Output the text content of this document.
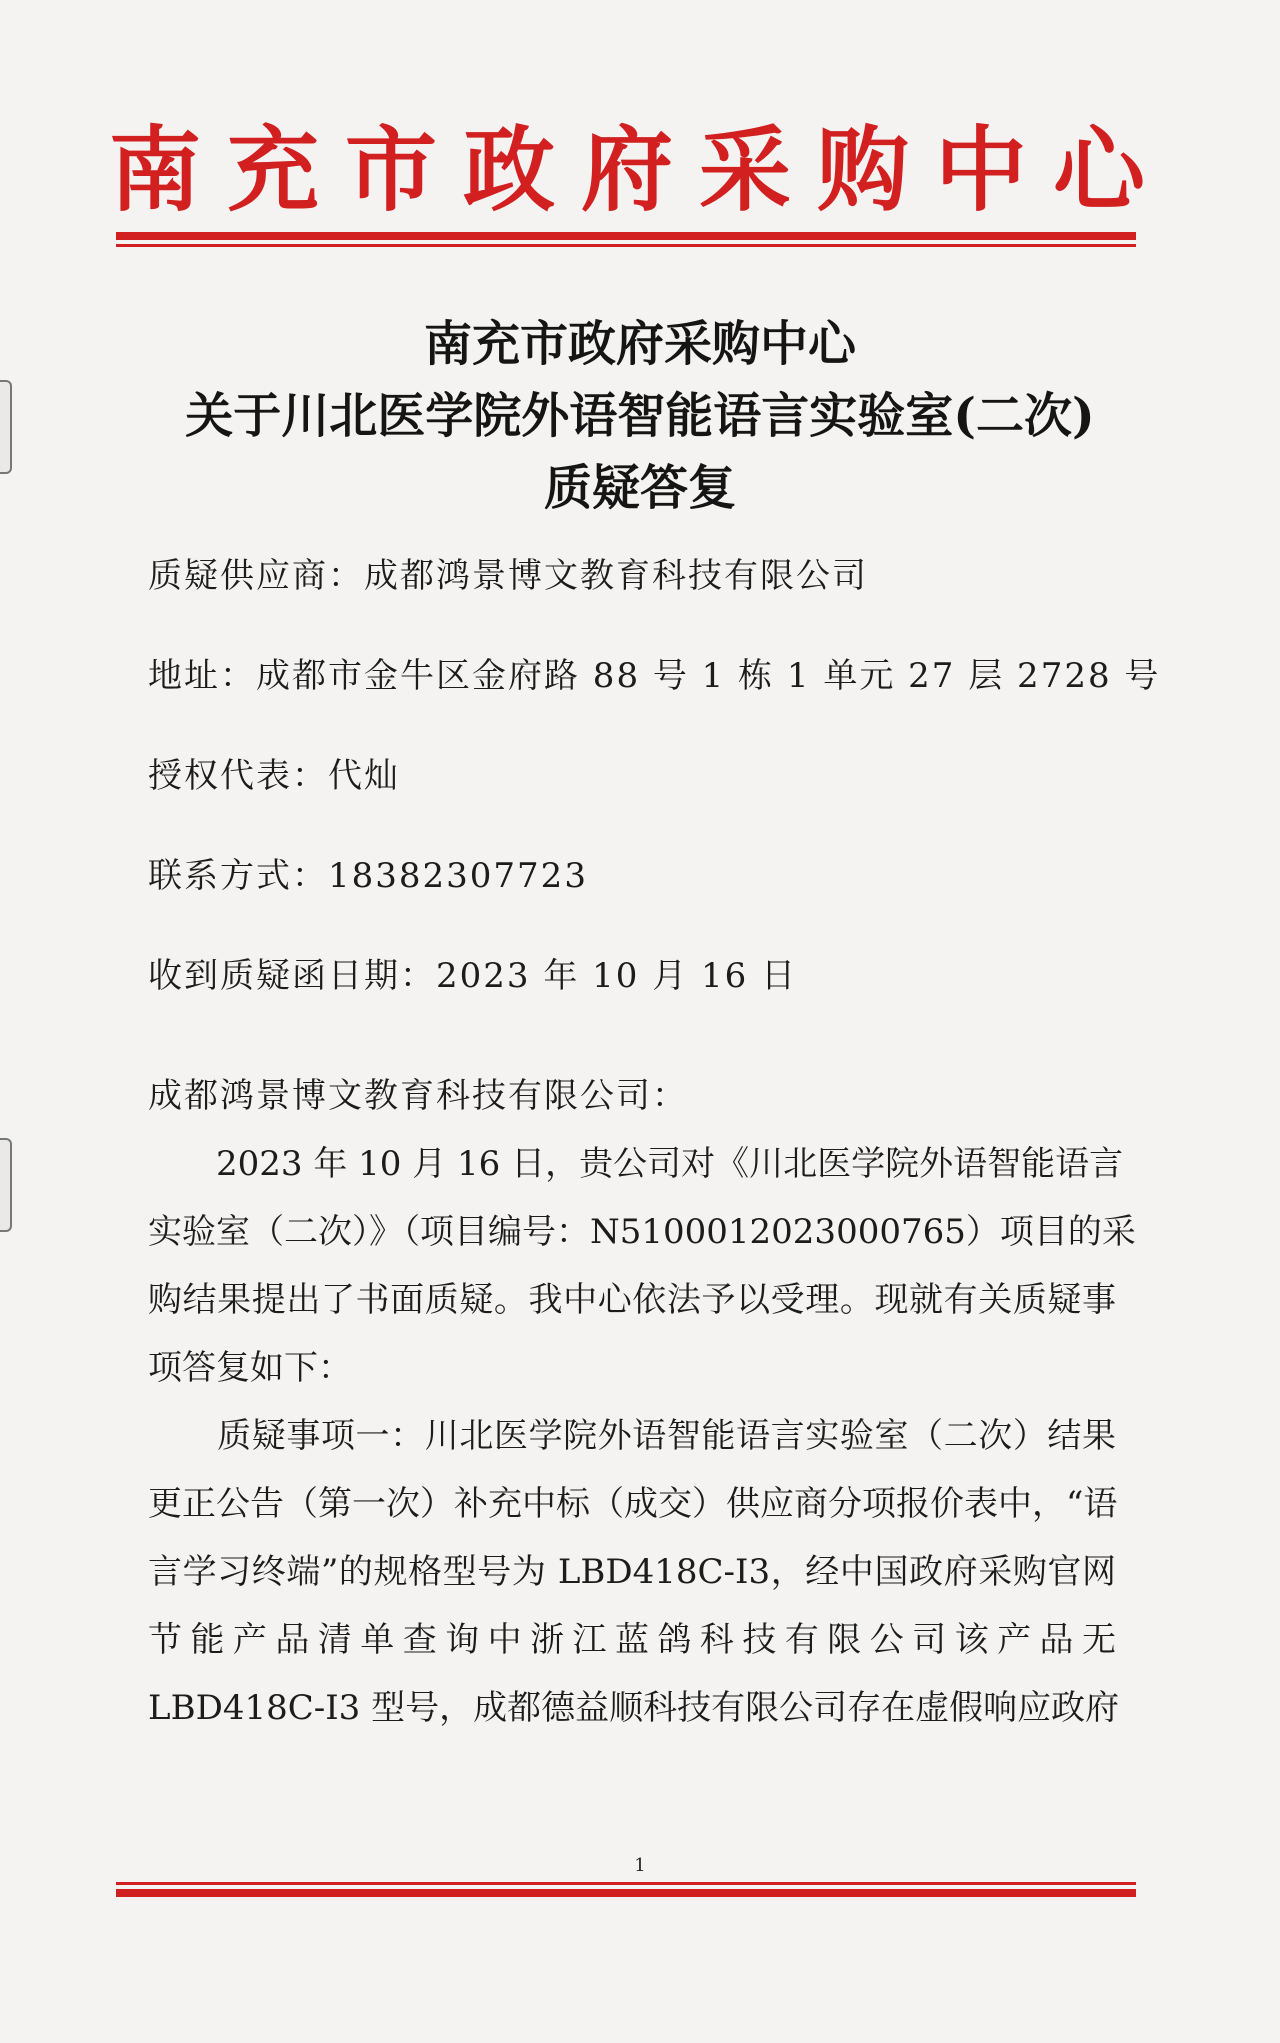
南充市政府采购中心
南充市政府采购中心
关于川北医学院外语智能语言实验室(二次)
质疑答复
质疑供应商：成都鸿景博文教育科技有限公司
地址：成都市金牛区金府路 88 号 1 栋 1 单元 27 层 2728 号
授权代表：代灿
联系方式：18382307723
收到质疑函日期：2023 年 10 月 16 日
成都鸿景博文教育科技有限公司：
　　2023 年 10 月 16 日，贵公司对《川北医学院外语智能语言
实验室（二次）》（项目编号：N5100012023000765）项目的采
购结果提出了书面质疑。我中心依法予以受理。现就有关质疑事
项答复如下：
　　质疑事项一：川北医学院外语智能语言实验室（二次）结果
更正公告（第一次）补充中标（成交）供应商分项报价表中，“语
言学习终端”的规格型号为 LBD418C-I3，经中国政府采购官网
节能产品清单查询中浙江蓝鸽科技有限公司该产品无
LBD418C-I3 型号，成都德益顺科技有限公司存在虚假响应政府
1
